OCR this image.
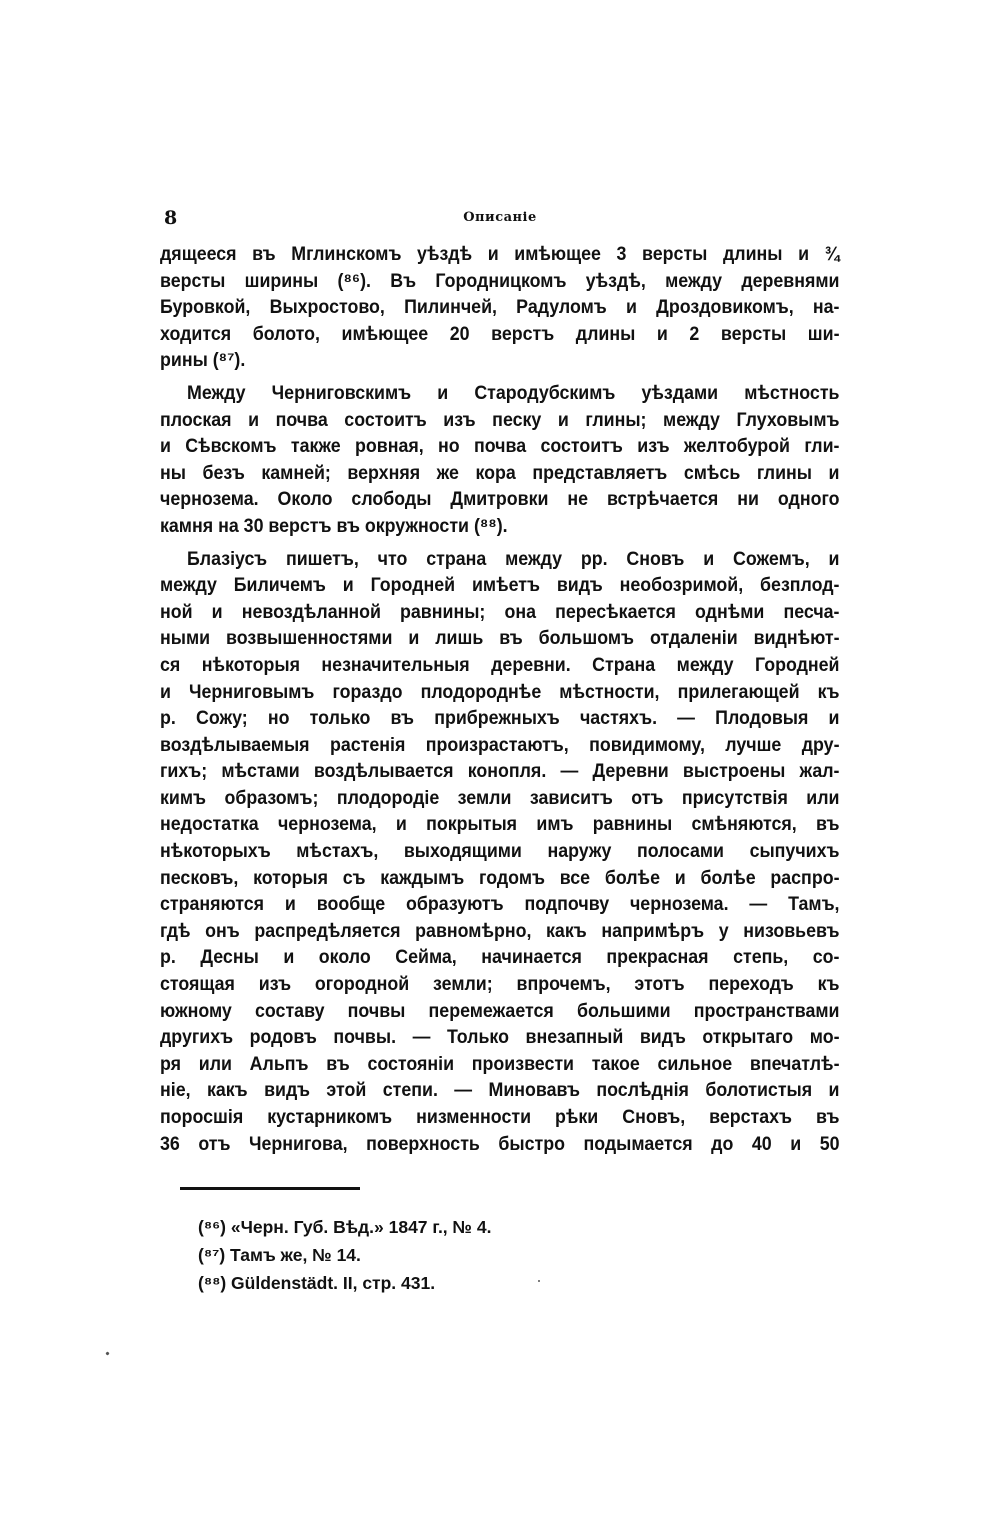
8	Описаніе
дящееся въ Мглинскомъ уѣздѣ и имѣющее 3 версты длины и ¾
версты ширины (⁸⁶). Въ Городницкомъ уѣздѣ, между деревнями
Буровкой, Выхростово, Пилинчей, Радуломъ и Дроздовикомъ, на-
ходится болото, имѣющее 20 верстъ длины и 2 версты ши-
рины (⁸⁷).
Между Черниговскимъ и Стародубскимъ уѣздами мѣстность
плоская и почва состоитъ изъ песку и глины; между Глуховымъ
и Сѣвскомъ также ровная, но почва состоитъ изъ желтобурой гли-
ны безъ камней; верхняя же кора представляетъ смѣсь глины и
чернозема. Около слободы Дмитровки не встрѣчается ни одного
камня на 30 верстъ въ окружности (⁸⁸).
Блазіусъ пишетъ, что страна между рр. Сновъ и Сожемъ, и
между Биличемъ и Городней имѣетъ видъ необозримой, безплод-
ной и невоздѣланной равнины; она пересѣкается однѣми песча-
ными возвышенностями и лишь въ большомъ отдаленіи виднѣют-
ся нѣкоторыя незначительныя деревни. Страна между Городней
и Черниговымъ гораздо плодороднѣе мѣстности, прилегающей къ
р. Сожу; но только въ прибрежныхъ частяхъ. — Плодовыя и
воздѣлываемыя растенія произрастаютъ, повидимому, лучше дру-
гихъ; мѣстами воздѣлывается конопля. — Деревни выстроены жал-
кимъ образомъ; плодородіе земли зависитъ отъ присутствія или
недостатка чернозема, и покрытыя имъ равнины смѣняются, въ
нѣкоторыхъ мѣстахъ, выходящими наружу полосами сыпучихъ
песковъ, которыя съ каждымъ годомъ все болѣе и болѣе распро-
страняются и вообще образуютъ подпочву чернозема. — Тамъ,
гдѣ онъ распредѣляется равномѣрно, какъ напримѣръ у низовьевъ
р. Десны и около Сейма, начинается прекрасная степь, со-
стоящая изъ огородной земли; впрочемъ, этотъ переходъ къ
южному составу почвы перемежается большими пространствами
другихъ родовъ почвы. — Только внезапный видъ открытаго мо-
ря или Альпъ въ состояніи произвести такое сильное впечатлѣ-
ніе, какъ видъ этой степи. — Миновавъ послѣднія болотистыя и
поросшія кустарникомъ низменности рѣки Сновъ, верстахъ въ
36 отъ Чернигова, поверхность быстро подымается до 40 и 50
(⁸⁶) «Черн. Губ. Вѣд.» 1847 г., № 4.
(⁸⁷) Тамъ же, № 14.
(⁸⁸) Güldenstädt. II, стр. 431.
